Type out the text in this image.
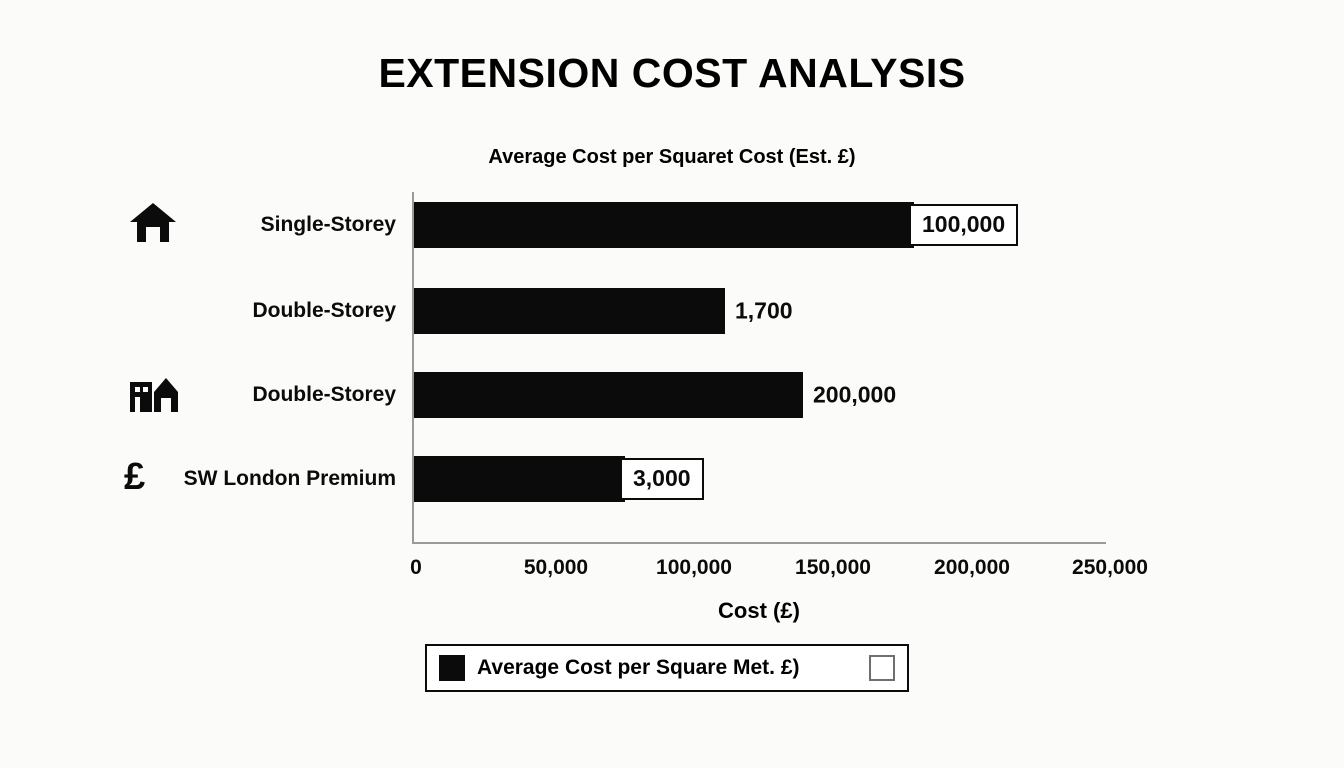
EXTENSION COST ANALYSIS
Average Cost per Squaret Cost (Est. £)
£
Single-Storey
Double-Storey
Double-Storey
SW London Premium
100,000
1,700
200,000
3,000
0	50,000	100,000	150,000	200,000	250,000
Cost (£)
Average Cost per Square Met. £)
